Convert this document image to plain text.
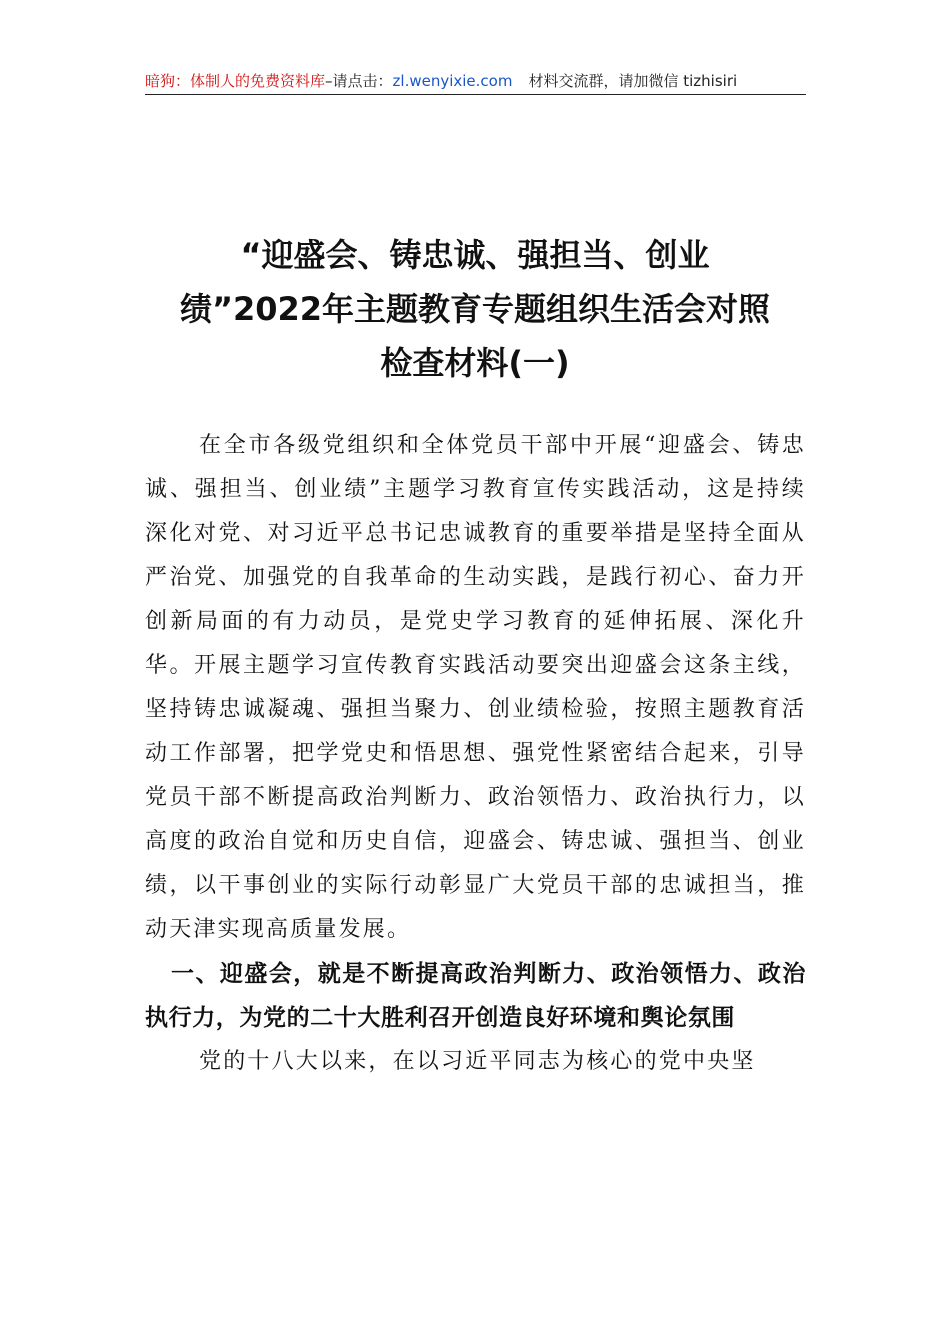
暗狗：体制人的免费资料库–请点击：zl.wenyixie.com 材料交流群，请加微信 tizhisiri
“迎盛会、铸忠诚、强担当、创业
绩”2022年主题教育专题组织生活会对照
检查材料(一)

在全市各级党组织和全体党员干部中开展“迎盛会、铸忠诚、强担当、创业绩”主题学习教育宣传实践活动，这是持续深化对党、对习近平总书记忠诚教育的重要举措是坚持全面从严治党、加强党的自我革命的生动实践，是践行初心、奋力开创新局面的有力动员，是党史学习教育的延伸拓展、深化升华。开展主题学习宣传教育实践活动要突出迎盛会这条主线，坚持铸忠诚凝魂、强担当聚力、创业绩检验，按照主题教育活动工作部署，把学党史和悟思想、强党性紧密结合起来，引导党员干部不断提高政治判断力、政治领悟力、政治执行力，以高度的政治自觉和历史自信，迎盛会、铸忠诚、强担当、创业绩，以干事创业的实际行动彰显广大党员干部的忠诚担当，推动天津实现高质量发展。

一、迎盛会，就是不断提高政治判断力、政治领悟力、政治执行力，为党的二十大胜利召开创造良好环境和舆论氛围

党的十八大以来，在以习近平同志为核心的党中央坚
